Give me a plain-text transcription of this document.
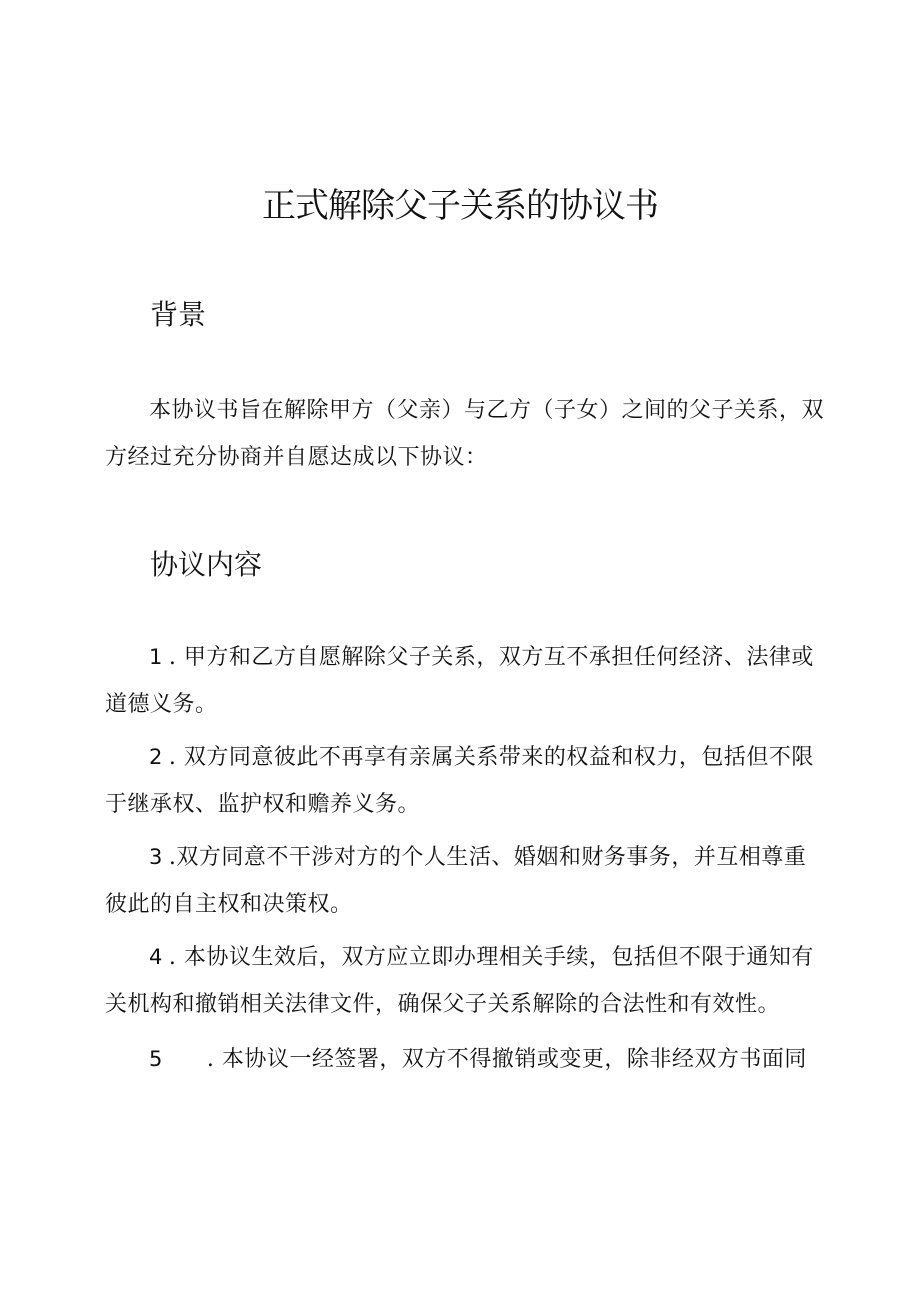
正式解除父子关系的协议书
背景

本协议书旨在解除甲方（父亲）与乙方（子女）之间的父子关系，双方经过充分协商并自愿达成以下协议：

协议内容

1 . 甲方和乙方自愿解除父子关系，双方互不承担任何经济、法律或道德义务。

2 . 双方同意彼此不再享有亲属关系带来的权益和权力，包括但不限于继承权、监护权和赡养义务。

3 .双方同意不干涉对方的个人生活、婚姻和财务事务，并互相尊重彼此的自主权和决策权。

4 . 本协议生效后，双方应立即办理相关手续，包括但不限于通知有关机构和撤销相关法律文件，确保父子关系解除的合法性和有效性。

5 . 本协议一经签署，双方不得撤销或变更，除非经双方书面同
